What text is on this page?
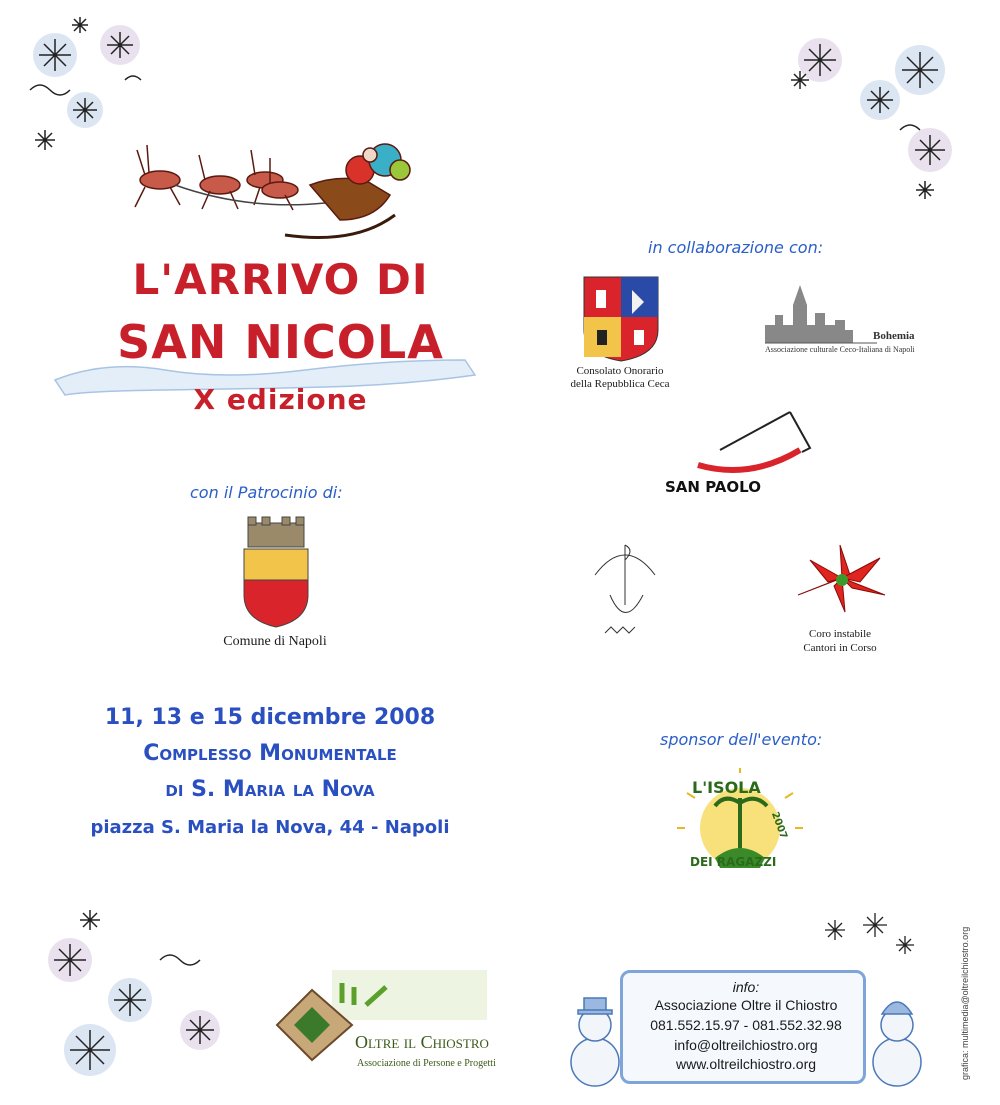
L'ARRIVO DI
SAN NICOLA
X edizione
con il Patrocinio di:
Comune di Napoli
in collaborazione con:
Consolato Onorario
della Repubblica Ceca
Bohemia
Associazione culturale Ceco-Italiana di Napoli
SAN PAOLO
Coro instabile
Cantori in Corso
11, 13 e 15 dicembre 2008
Complesso Monumentale
di S. Maria la Nova
piazza S. Maria la Nova, 44 - Napoli
sponsor dell'evento:
L'ISOLA
2007
DEI RAGAZZI
Oltre il Chiostro
Associazione di Persone e Progetti
info:
Associazione Oltre il Chiostro
081.552.15.97 - 081.552.32.98
info@oltreilchiostro.org
www.oltreilchiostro.org	grafica: multimedia@oltreilchiostro.org
